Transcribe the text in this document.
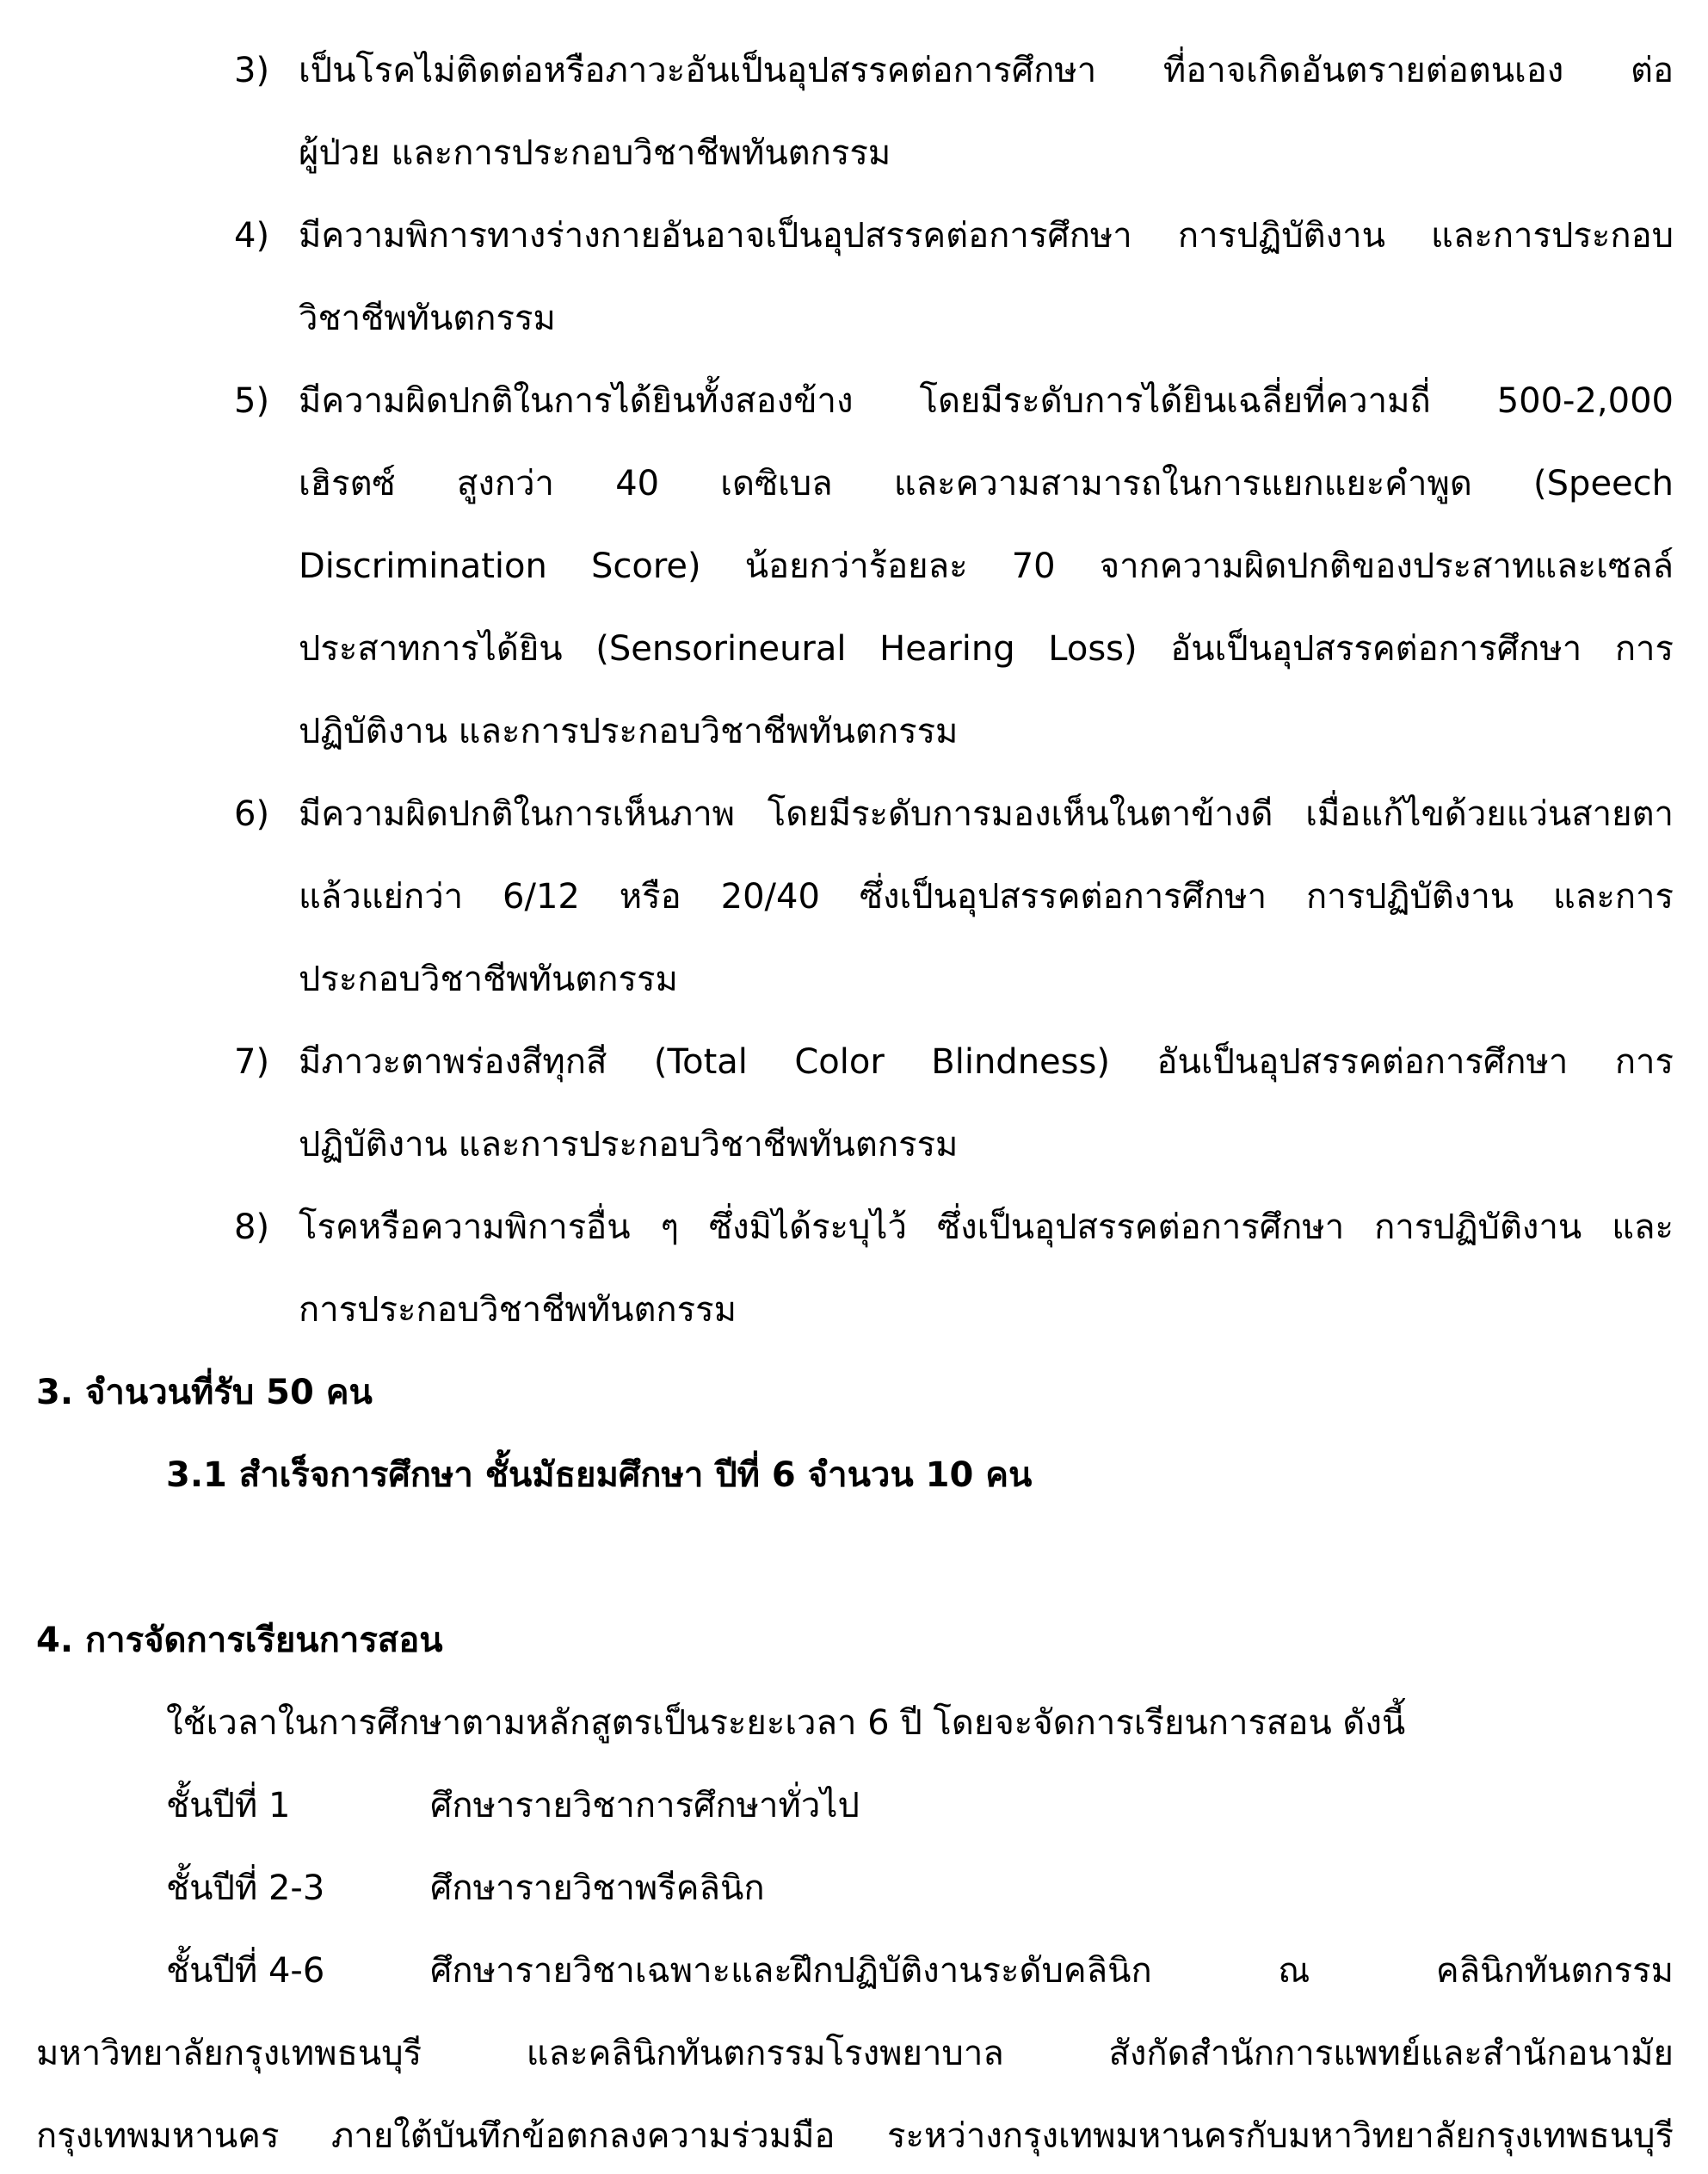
3) เป็นโรคไม่ติดต่อหรือภาวะอันเป็นอุปสรรคต่อการศึกษา ที่อาจเกิดอันตรายต่อตนเอง ต่อ
ผู้ป่วย และการประกอบวิชาชีพทันตกรรม
4) มีความพิการทางร่างกายอันอาจเป็นอุปสรรคต่อการศึกษา การปฏิบัติงาน และการประกอบ
วิชาชีพทันตกรรม
5) มีความผิดปกติในการได้ยินทั้งสองข้าง โดยมีระดับการได้ยินเฉลี่ยที่ความถี่ 500-2,000
เฮิรตซ์ สูงกว่า 40 เดซิเบล และความสามารถในการแยกแยะคำพูด (Speech
Discrimination Score) น้อยกว่าร้อยละ 70 จากความผิดปกติของประสาทและเซลล์
ประสาทการได้ยิน (Sensorineural Hearing Loss) อันเป็นอุปสรรคต่อการศึกษา การ
ปฏิบัติงาน และการประกอบวิชาชีพทันตกรรม
6) มีความผิดปกติในการเห็นภาพ โดยมีระดับการมองเห็นในตาข้างดี เมื่อแก้ไขด้วยแว่นสายตา
แล้วแย่กว่า 6/12 หรือ 20/40 ซึ่งเป็นอุปสรรคต่อการศึกษา การปฏิบัติงาน และการ
ประกอบวิชาชีพทันตกรรม
7) มีภาวะตาพร่องสีทุกสี (Total Color Blindness) อันเป็นอุปสรรคต่อการศึกษา การ
ปฏิบัติงาน และการประกอบวิชาชีพทันตกรรม
8) โรคหรือความพิการอื่น ๆ ซึ่งมิได้ระบุไว้ ซึ่งเป็นอุปสรรคต่อการศึกษา การปฏิบัติงาน และ
การประกอบวิชาชีพทันตกรรม
3. จำนวนที่รับ 50 คน
3.1 สำเร็จการศึกษา ชั้นมัธยมศึกษา ปีที่ 6 จำนวน 10 คน
4. การจัดการเรียนการสอน
ใช้เวลาในการศึกษาตามหลักสูตรเป็นระยะเวลา 6 ปี โดยจะจัดการเรียนการสอน ดังนี้
ชั้นปีที่ 1	ศึกษารายวิชาการศึกษาทั่วไป
ชั้นปีที่ 2-3	ศึกษารายวิชาพรีคลินิก
ชั้นปีที่ 4-6	ศึกษารายวิชาเฉพาะและฝึกปฏิบัติงานระดับคลินิก ณ คลินิกทันตกรรม
มหาวิทยาลัยกรุงเทพธนบุรี และคลินิกทันตกรรมโรงพยาบาล สังกัดสำนักการแพทย์และสำนักอนามัย
กรุงเทพมหานคร ภายใต้บันทึกข้อตกลงความร่วมมือ ระหว่างกรุงเทพมหานครกับมหาวิทยาลัยกรุงเทพธนบุรี
